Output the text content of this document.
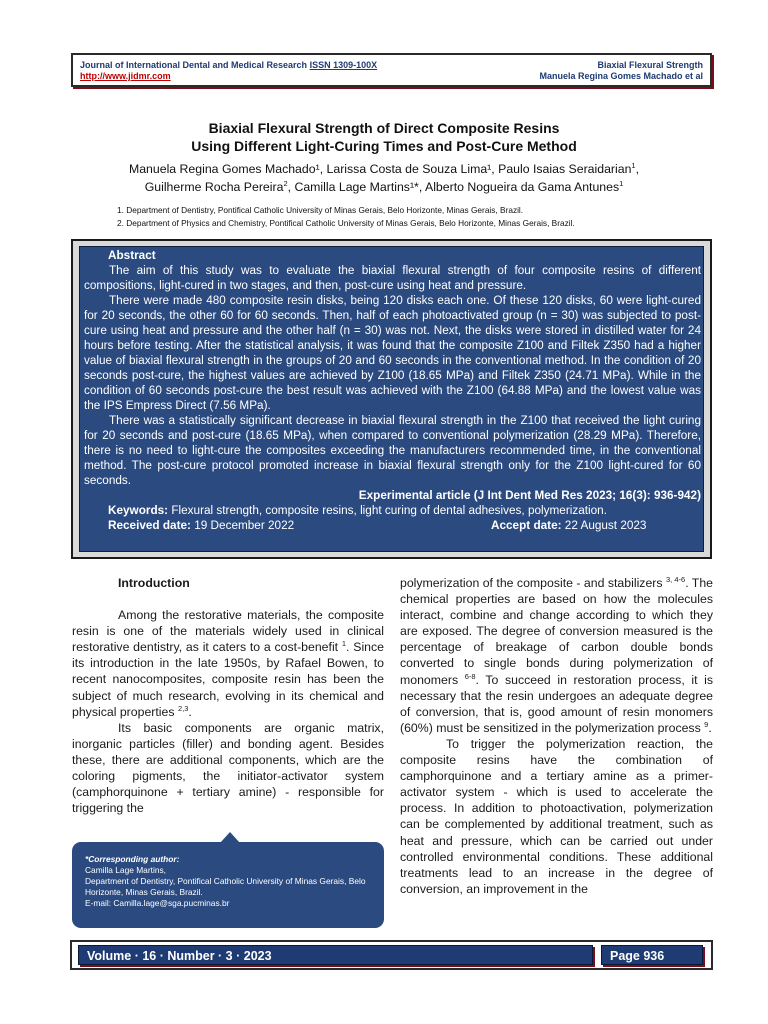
Journal of International Dental and Medical Research ISSN 1309-100X
http://www.jidmr.com
Biaxial Flexural Strength
Manuela Regina Gomes Machado et al
Biaxial Flexural Strength of Direct Composite Resins
Using Different Light-Curing Times and Post-Cure Method
Manuela Regina Gomes Machado¹, Larissa Costa de Souza Lima¹, Paulo Isaias Seraidarian$^1$,
Guilherme Rocha Pereira$^2$, Camilla Lage Martins¹*, Alberto Nogueira da Gama Antunes$^1$
1. Department of Dentistry, Pontifical Catholic University of Minas Gerais, Belo Horizonte, Minas Gerais, Brazil.
2. Department of Physics and Chemistry, Pontifical Catholic University of Minas Gerais, Belo Horizonte, Minas Gerais, Brazil.
Abstract

The aim of this study was to evaluate the biaxial flexural strength of four composite resins of different compositions, light-cured in two stages, and then, post-cure using heat and pressure.

There were made 480 composite resin disks, being 120 disks each one. Of these 120 disks, 60 were light-cured for 20 seconds, the other 60 for 60 seconds. Then, half of each photoactivated group (n = 30) was subjected to post-cure using heat and pressure and the other half (n = 30) was not. Next, the disks were stored in distilled water for 24 hours before testing. After the statistical analysis, it was found that the composite Z100 and Filtek Z350 had a higher value of biaxial flexural strength in the groups of 20 and 60 seconds in the conventional method. In the condition of 20 seconds post-cure, the highest values are achieved by Z100 (18.65 MPa) and Filtek Z350 (24.71 MPa). While in the condition of 60 seconds post-cure the best result was achieved with the Z100 (64.88 MPa) and the lowest value was the IPS Empress Direct (7.56 MPa).

There was a statistically significant decrease in biaxial flexural strength in the Z100 that received the light curing for 20 seconds and post-cure (18.65 MPa), when compared to conventional polymerization (28.29 MPa). Therefore, there is no need to light-cure the composites exceeding the manufacturers recommended time, in the conventional method. The post-cure protocol promoted increase in biaxial flexural strength only for the Z100 light-cured for 60 seconds.

Experimental article (J Int Dent Med Res 2023; 16(3): 936-942)
Keywords: Flexural strength, composite resins, light curing of dental adhesives, polymerization.
Received date: 19 December 2022	Accept date: 22 August 2023

Introduction

Among the restorative materials, the composite resin is one of the materials widely used in clinical restorative dentistry, as it caters to a cost-benefit $^1$. Since its introduction in the late 1950s, by Rafael Bowen, to recent nanocomposites, composite resin has been the subject of much research, evolving in its chemical and physical properties $^{2,3}$.

Its basic components are organic matrix, inorganic particles (filler) and bonding agent. Besides these, there are additional components, which are the coloring pigments, the initiator-activator system (camphorquinone + tertiary amine) - responsible for triggering the

polymerization of the composite - and stabilizers $^{3, 4-6}$. The chemical properties are based on how the molecules interact, combine and change according to which they are exposed. The degree of conversion measured is the percentage of breakage of carbon double bonds converted to single bonds during polymerization of monomers $^{6-8}$. To succeed in restoration process, it is necessary that the resin undergoes an adequate degree of conversion, that is, good amount of resin monomers (60%) must be sensitized in the polymerization process $^9$.

To trigger the polymerization reaction, the composite resins have the combination of camphorquinone and a tertiary amine as a primer-activator system - which is used to accelerate the process. In addition to photoactivation, polymerization can be complemented by additional treatment, such as heat and pressure, which can be carried out under controlled environmental conditions. These additional treatments lead to an increase in the degree of conversion, an improvement in the

*Corresponding author:
Camilla Lage Martins,
Department of Dentistry, Pontifical Catholic University of Minas Gerais, Belo Horizonte, Minas Gerais, Brazil.
E-mail: Camilla.lage@sga.pucminas.br
Volume · 16 · Number · 3 · 2023	Page 936
